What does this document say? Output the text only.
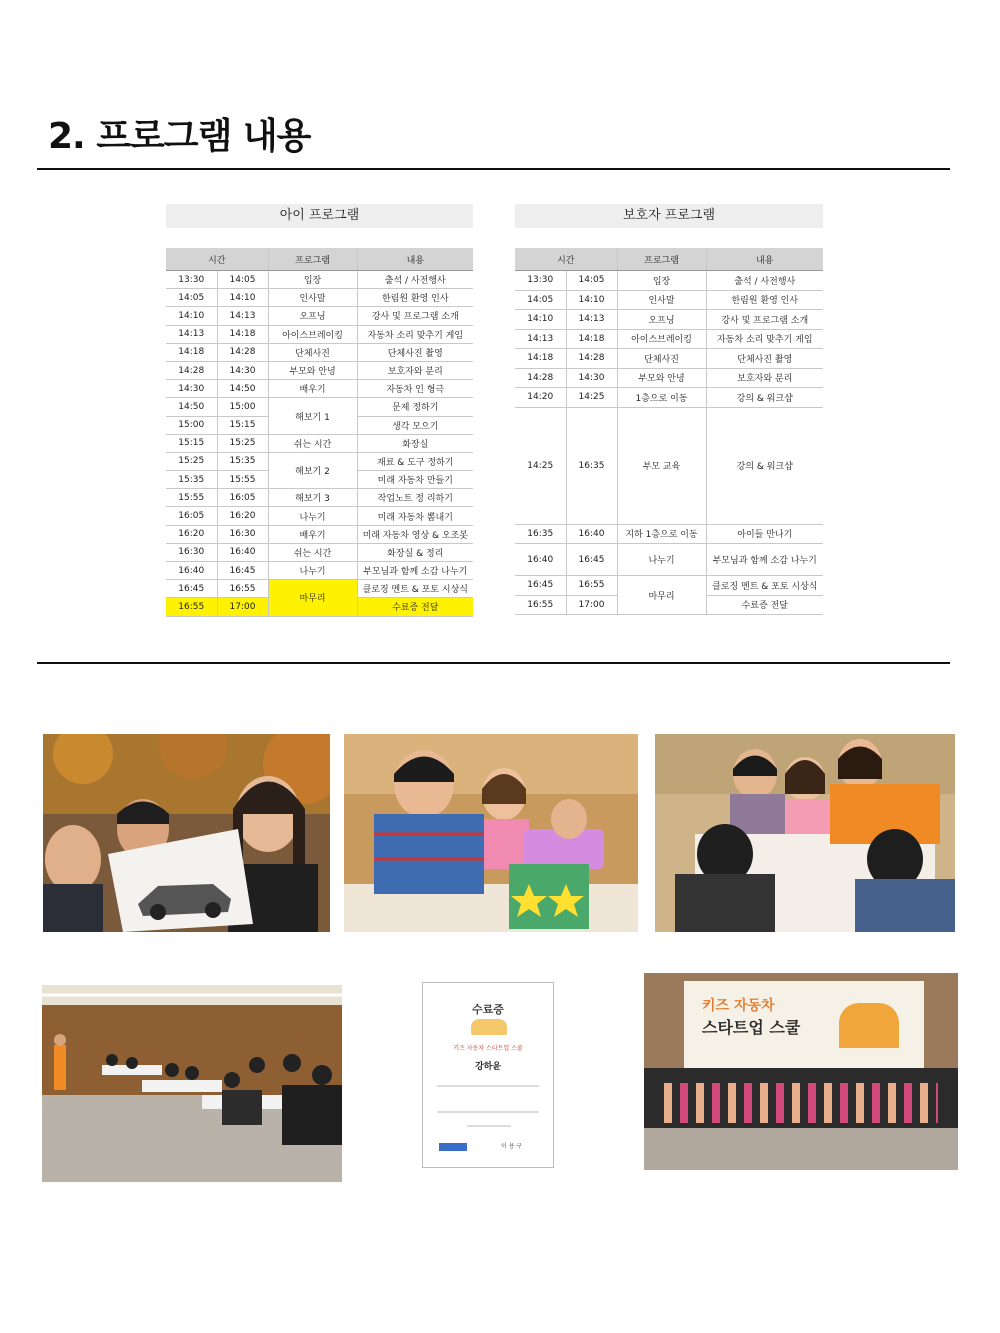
2. 프로그램 내용
아이 프로그램
시간		프로그램	내용
13:30	14:05	입장	출석 / 사전행사
14:05	14:10	인사말	한림원 환영 인사
14:10	14:13	오프닝	강사 및 프로그램 소개
14:13	14:18	아이스브레이킹	자동차 소리 맞추기 게임
14:18	14:28	단체사진	단체사진 촬영
14:28	14:30	부모와 안녕	보호자와 분리
14:30	14:50	배우기	자동차 인 형극
14:50	15:00	해보기 1	문제 정하기
15:00	15:15		생각 모으기
15:15	15:25	쉬는 시간	화장실
15:25	15:35	해보기 2	재료 & 도구 정하기
15:35	15:55		미래 자동차 만들기
15:55	16:05	해보기 3	작업노트 정 리하기
16:05	16:20	나누기	미래 자동차 뽐내기
16:20	16:30	배우기	미래 자동차 영상 & 오조봇
16:30	16:40	쉬는 시간	화장실 & 정리
16:40	16:45	나누기	부모님과 함께 소감 나누기
16:45	16:55	마무리	클로징 멘트 & 포토 시상식
16:55	17:00		수료증 전달
보호자 프로그램
시간		프로그램	내용
13:30	14:05	입장	출석 / 사전행사
14:05	14:10	인사말	한림원 환영 인사
14:10	14:13	오프닝	강사 및 프로그램 소개
14:13	14:18	아이스브레이킹	자동차 소리 맞추기 게임
14:18	14:28	단체사진	단체사진 촬영
14:28	14:30	부모와 안녕	보호자와 분리
14:20	14:25	1층으로 이동	강의 & 워크샵
14:25	16:35	부모 교육	강의 & 워크샵
16:35	16:40	지하 1층으로 이동	아이들 만나기
16:40	16:45	나누기	부모님과 함께 소감 나누기
16:45	16:55	마무리	클로징 멘트 & 포토 시상식
16:55	17:00		수료증 전달
수료증
키즈 자동차 스타트업 스쿨
강하윤
이 용 구
키즈 자동차
스타트업 스쿨
